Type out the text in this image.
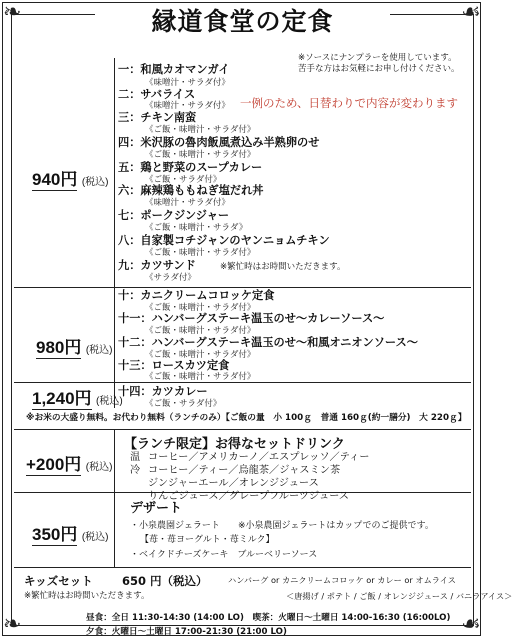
❧	☙
❧	☙
縁道食堂の定食
940円 (税込)
※ソースにナンプラーを使用しています。
苦手な方はお気軽にお申し付けください。
一例のため、日替わりで内容が変わります
一：和風カオマンガイ
《味噌汁・サラダ付》
二：サバライス
《味噌汁・サラダ付》
三：チキン南蛮
《ご飯・味噌汁・サラダ付》
四：米沢豚の魯肉飯風煮込み半熟卵のせ
《ご飯・味噌汁・サラダ付》
五：鶏と野菜のスープカレー
《ご飯・サラダ付》
六：麻辣鶏ももねぎ塩だれ丼
《味噌汁・サラダ付》
七：ポークジンジャー
《ご飯・味噌汁・サラダ》
八：自家製コチジャンのヤンニョムチキン
《ご飯・味噌汁・サラダ付》
九：カツサンド
《サラダ付》
※繁忙時はお時間いただきます。
980円 (税込)
十：カニクリームコロッケ定食
《ご飯・味噌汁・サラダ付》
十一：ハンバーグステーキ温玉のせ〜カレーソース〜
《ご飯・味噌汁・サラダ付》
十二：ハンバーグステーキ温玉のせ〜和風オニオンソース〜
《ご飯・味噌汁・サラダ付》
十三：ロースカツ定食
《ご飯・味噌汁・サラダ付》
1,240円 (税込)
十四：カツカレー
《ご飯・サラダ付》
※お米の大盛り無料。お代わり無料（ランチのみ）【ご飯の量　小 100ｇ　普通 160ｇ(約一膳分)　大 220ｇ】
+200円 (税込)
【ランチ限定】お得なセットドリンク
温 コーヒー／アメリカーノ／エスプレッソ／ティー
冷 コーヒー／ティー／烏龍茶／ジャスミン茶
ジンジャーエール／オレンジジュース
りんごジュース／グレープフルーツジュース
350円 (税込)
デザート
・小泉農園ジェラート ※小泉農園ジェラートはカップでのご提供です。
【苺・苺ヨーグルト・苺ミルク】
・ベイクドチーズケーキ　ブルーベリーソース
キッズセット	650 円（税込） ハンバーグ or カニクリームコロッケ or カレー or オムライス
＜唐揚げ / ポテト / ご飯 / オレンジジュース / バニラアイス＞
※繁忙時はお時間いただきます。
昼食：全日 11:30-14:30 (14:00 LO)　喫茶：火曜日〜土曜日 14:00-16:30 (16:00LO)
夕食：火曜日〜土曜日 17:00-21:30 (21:00 LO)
